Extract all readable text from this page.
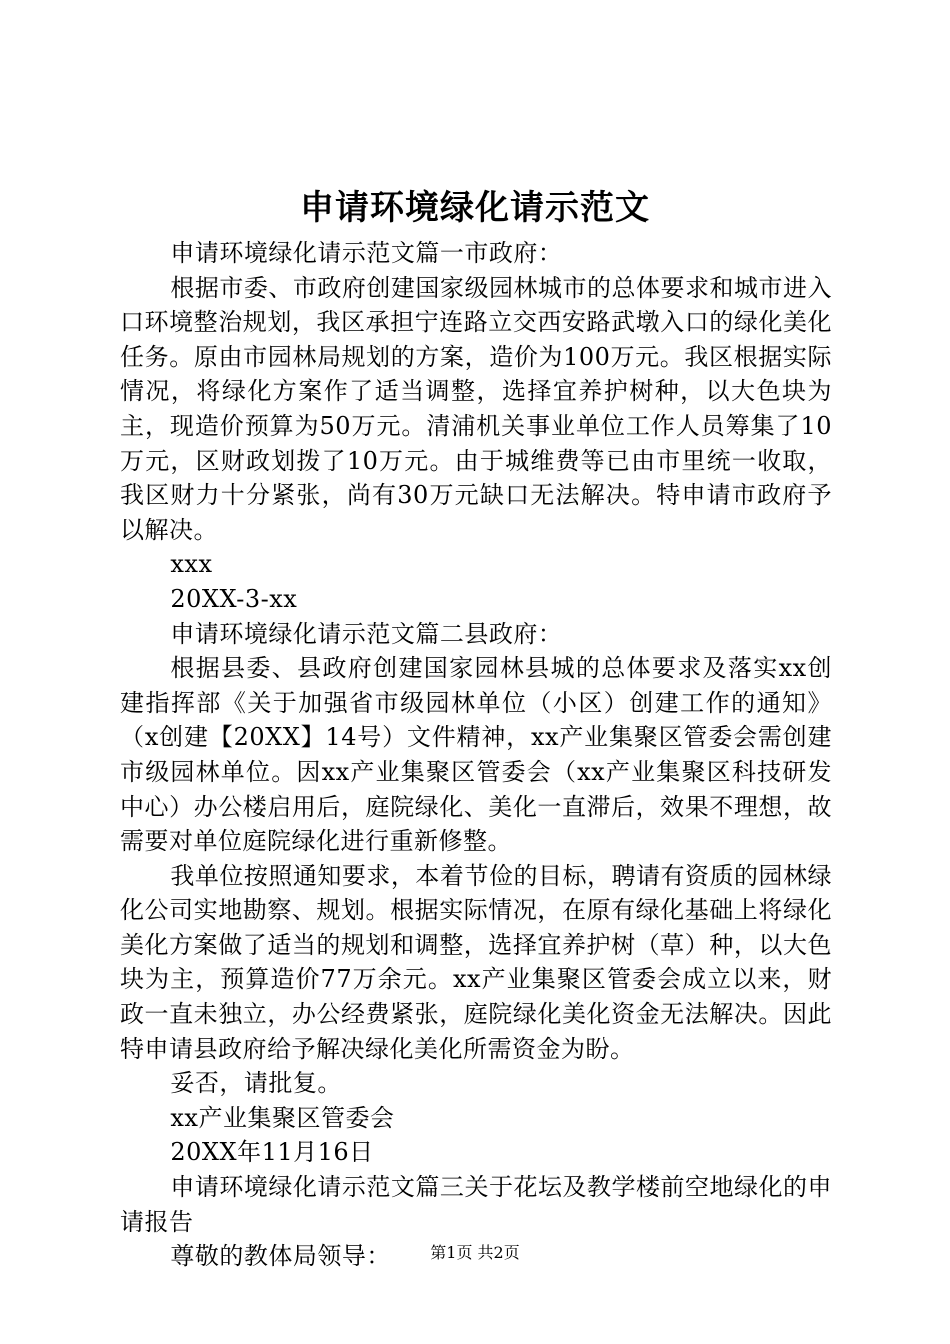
申请环境绿化请示范文

申请环境绿化请示范文篇一市政府：

根据市委、市政府创建国家级园林城市的总体要求和城市进入口环境整治规划，我区承担宁连路立交西安路武墩入口的绿化美化任务。原由市园林局规划的方案，造价为100万元。我区根据实际情况，将绿化方案作了适当调整，选择宜养护树种，以大色块为主，现造价预算为50万元。清浦机关事业单位工作人员筹集了10万元，区财政划拨了10万元。由于城维费等已由市里统一收取，我区财力十分紧张，尚有30万元缺口无法解决。特申请市政府予以解决。

xxx

20XX-3-xx

申请环境绿化请示范文篇二县政府：

根据县委、县政府创建国家园林县城的总体要求及落实xx创建指挥部《关于加强省市级园林单位（小区）创建工作的通知》（x创建【20XX】14号）文件精神，xx产业集聚区管委会需创建市级园林单位。因xx产业集聚区管委会（xx产业集聚区科技研发中心）办公楼启用后，庭院绿化、美化一直滞后，效果不理想，故需要对单位庭院绿化进行重新修整。

我单位按照通知要求，本着节俭的目标，聘请有资质的园林绿化公司实地勘察、规划。根据实际情况，在原有绿化基础上将绿化美化方案做了适当的规划和调整，选择宜养护树（草）种，以大色块为主，预算造价77万余元。xx产业集聚区管委会成立以来，财政一直未独立，办公经费紧张，庭院绿化美化资金无法解决。因此特申请县政府给予解决绿化美化所需资金为盼。

妥否，请批复。

xx产业集聚区管委会

20XX年11月16日

申请环境绿化请示范文篇三关于花坛及教学楼前空地绿化的申请报告

尊敬的教体局领导：	第1页 共2页
